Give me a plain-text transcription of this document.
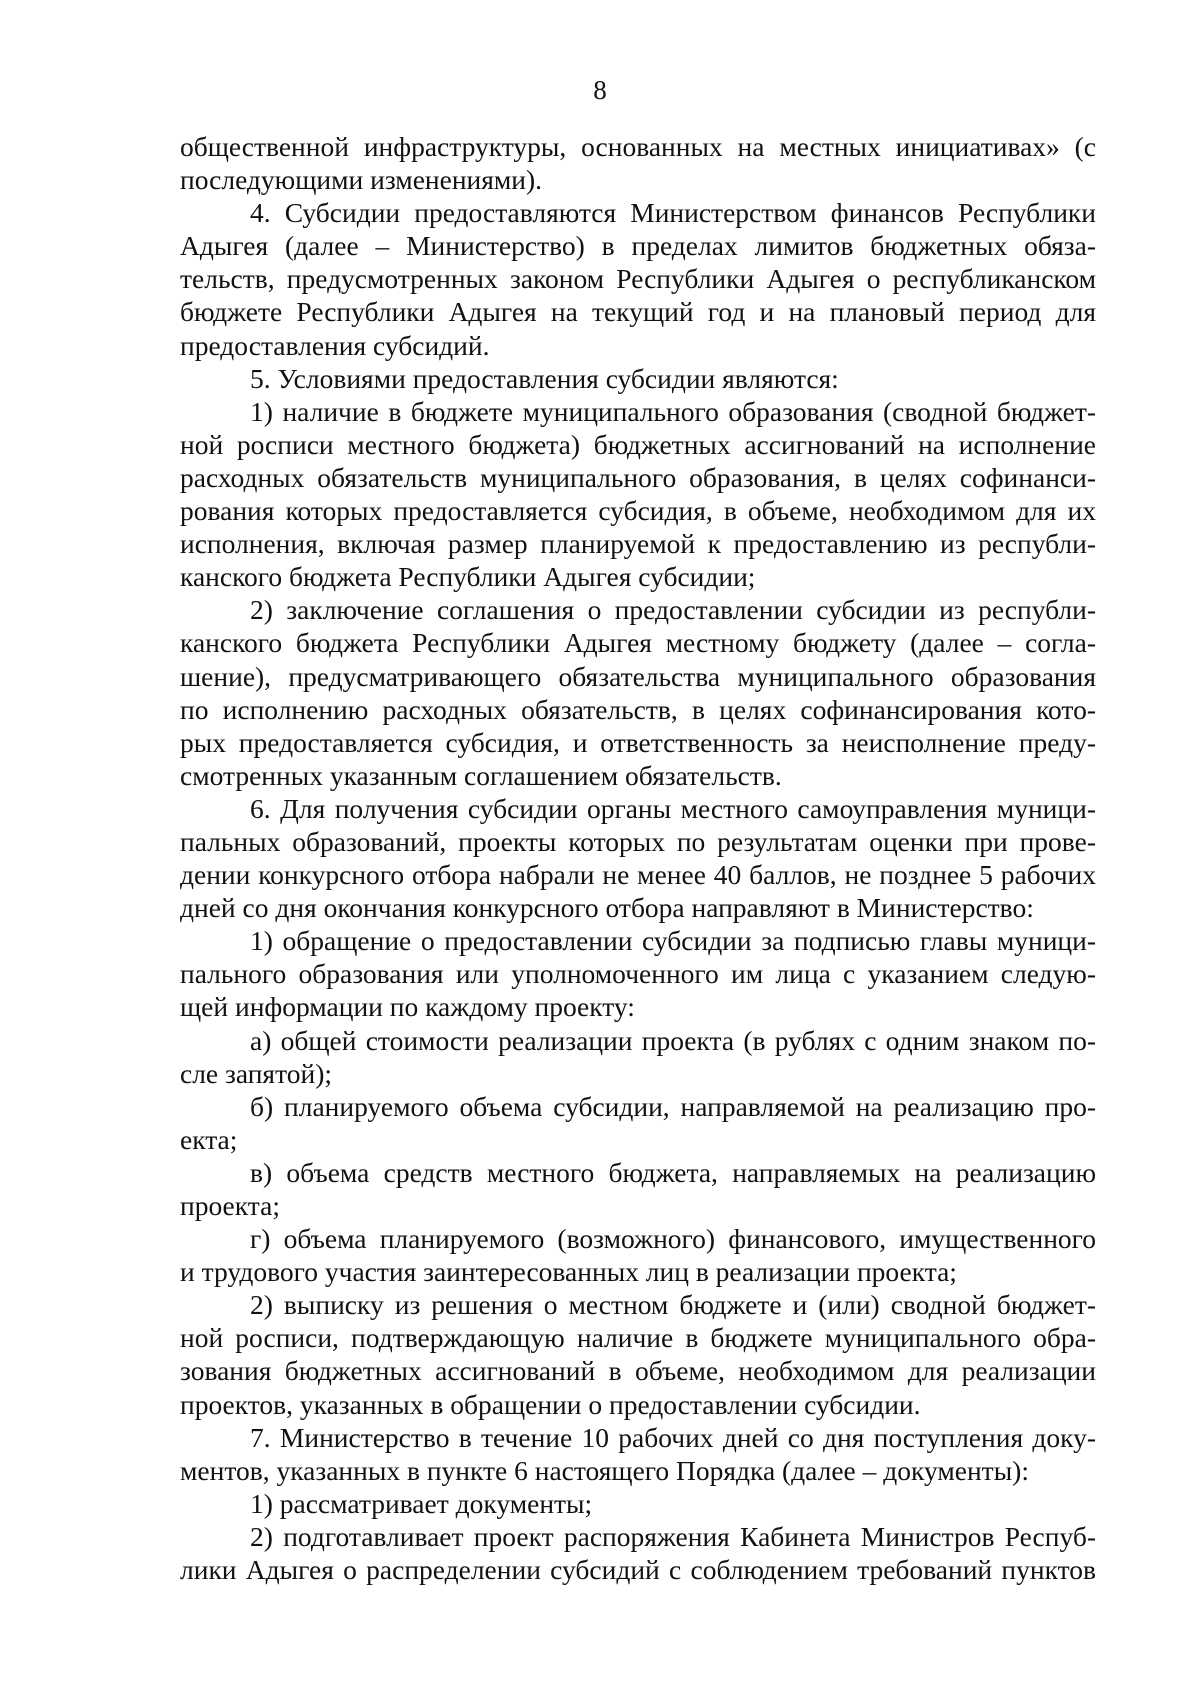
8
общественной инфраструктуры, основанных на местных инициативах» (с
последующими изменениями).
4. Субсидии предоставляются Министерством финансов Республики
Адыгея (далее – Министерство) в пределах лимитов бюджетных обяза-
тельств, предусмотренных законом Республики Адыгея о республиканском
бюджете Республики Адыгея на текущий год и на плановый период для
предоставления субсидий.
5. Условиями предоставления субсидии являются:
1) наличие в бюджете муниципального образования (сводной бюджет-
ной росписи местного бюджета) бюджетных ассигнований на исполнение
расходных обязательств муниципального образования, в целях софинанси-
рования которых предоставляется субсидия, в объеме, необходимом для их
исполнения, включая размер планируемой к предоставлению из республи-
канского бюджета Республики Адыгея субсидии;
2) заключение соглашения о предоставлении субсидии из республи-
канского бюджета Республики Адыгея местному бюджету (далее – согла-
шение), предусматривающего обязательства муниципального образования
по исполнению расходных обязательств, в целях софинансирования кото-
рых предоставляется субсидия, и ответственность за неисполнение преду-
смотренных указанным соглашением обязательств.
6. Для получения субсидии органы местного самоуправления муници-
пальных образований, проекты которых по результатам оценки при прове-
дении конкурсного отбора набрали не менее 40 баллов, не позднее 5 рабочих
дней со дня окончания конкурсного отбора направляют в Министерство:
1) обращение о предоставлении субсидии за подписью главы муници-
пального образования или уполномоченного им лица с указанием следую-
щей информации по каждому проекту:
а) общей стоимости реализации проекта (в рублях с одним знаком по-
сле запятой);
б) планируемого объема субсидии, направляемой на реализацию про-
екта;
в) объема средств местного бюджета, направляемых на реализацию
проекта;
г) объема планируемого (возможного) финансового, имущественного
и трудового участия заинтересованных лиц в реализации проекта;
2) выписку из решения о местном бюджете и (или) сводной бюджет-
ной росписи, подтверждающую наличие в бюджете муниципального обра-
зования бюджетных ассигнований в объеме, необходимом для реализации
проектов, указанных в обращении о предоставлении субсидии.
7. Министерство в течение 10 рабочих дней со дня поступления доку-
ментов, указанных в пункте 6 настоящего Порядка (далее – документы):
1) рассматривает документы;
2) подготавливает проект распоряжения Кабинета Министров Респуб-
лики Адыгея о распределении субсидий с соблюдением требований пунктов
